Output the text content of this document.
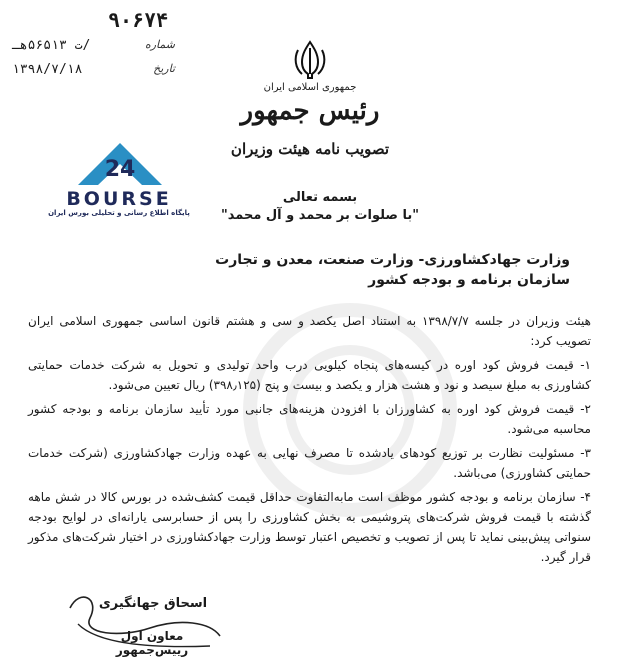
۹۰۶۷۴
/ت ۵۶۵۱۳هـ	شماره
۱۳۹۸/۷/۱۸	تاریخ
جمهوری اسلامی ایران
رئیس جمهور
تصویب نامه هیئت وزیران
24
BOURSE
پایگاه اطلاع رسانی و تحلیلی بورس ایران
بسمه تعالی
"با صلوات بر محمد و آل محمد"
وزارت جهادکشاورزی- وزارت صنعت، معدن و تجارت
سازمان برنامه و بودجه کشور

هیئت وزیران در جلسه ۱۳۹۸/۷/۷ به استناد اصل یکصد و سی و هشتم قانون اساسی جمهوری اسلامی ایران تصویب کرد:

۱- قیمت فروش کود اوره در کیسه‌های پنجاه کیلویی درب واحد تولیدی و تحویل به شرکت خدمات حمایتی کشاورزی به مبلغ سیصد و نود و هشت هزار و یکصد و بیست و پنج (۳۹۸٫۱۲۵) ریال تعیین می‌شود.

۲- قیمت فروش کود اوره به کشاورزان با افزودن هزینه‌های جانبی مورد تأیید سازمان برنامه و بودجه کشور محاسبه می‌شود.

۳- مسئولیت نظارت بر توزیع کودهای یادشده تا مصرف نهایی به عهده وزارت جهادکشاورزی (شرکت خدمات حمایتی کشاورزی) می‌باشد.

۴- سازمان برنامه و بودجه کشور موظف است مابه‌التفاوت حداقل قیمت کشف‌شده در بورس کالا در شش ماهه گذشته با قیمت فروش شرکت‌های پتروشیمی به بخش کشاورزی را پس از حسابرسی یارانه‌ای در لوایح بودجه سنواتی پیش‌بینی نماید تا پس از تصویب و تخصیص اعتبار توسط وزارت جهادکشاورزی در اختیار شرکت‌های مذکور قرار گیرد.

اسحاق جهانگیری
معاون اول رییس‌جمهور
